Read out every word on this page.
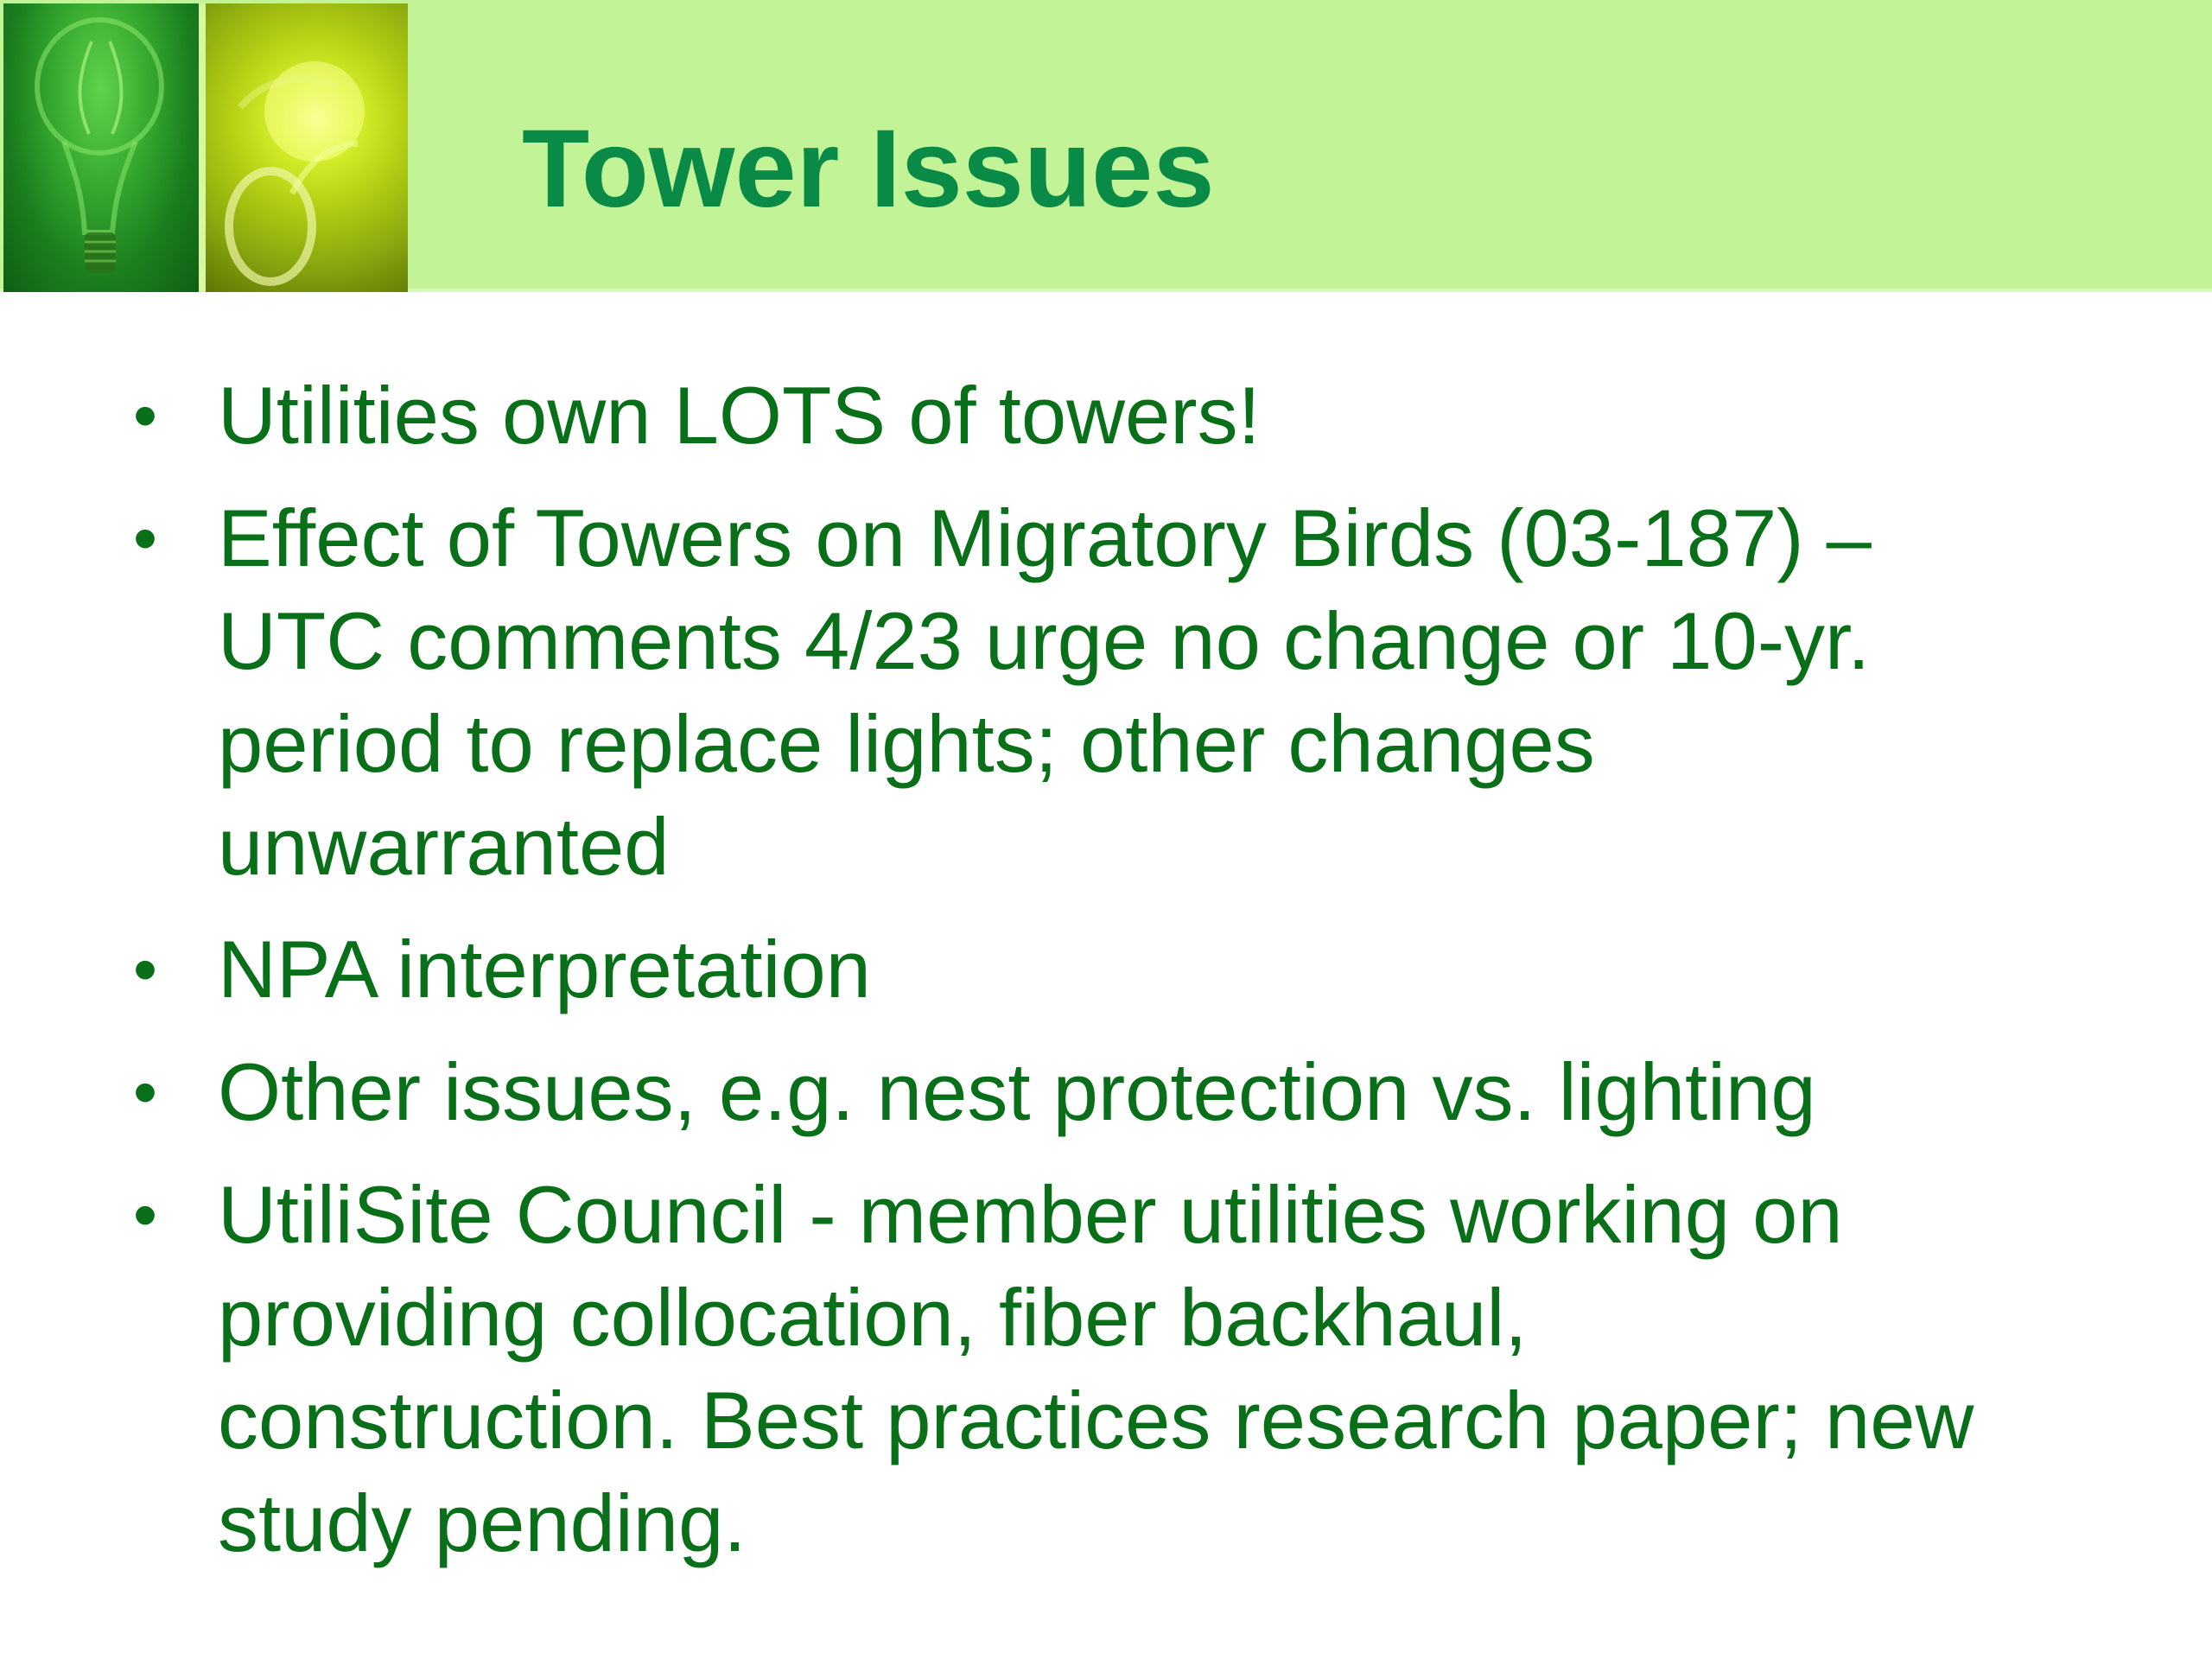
Tower Issues
• Utilities own LOTS of towers!
• Effect of Towers on Migratory Birds (03-187) –
UTC comments 4/23 urge no change or 10-yr.
period to replace lights; other changes
unwarranted
• NPA interpretation
• Other issues, e.g. nest protection vs. lighting
• UtiliSite Council - member utilities working on
providing collocation, fiber backhaul,
construction. Best practices research paper; new
study pending.
